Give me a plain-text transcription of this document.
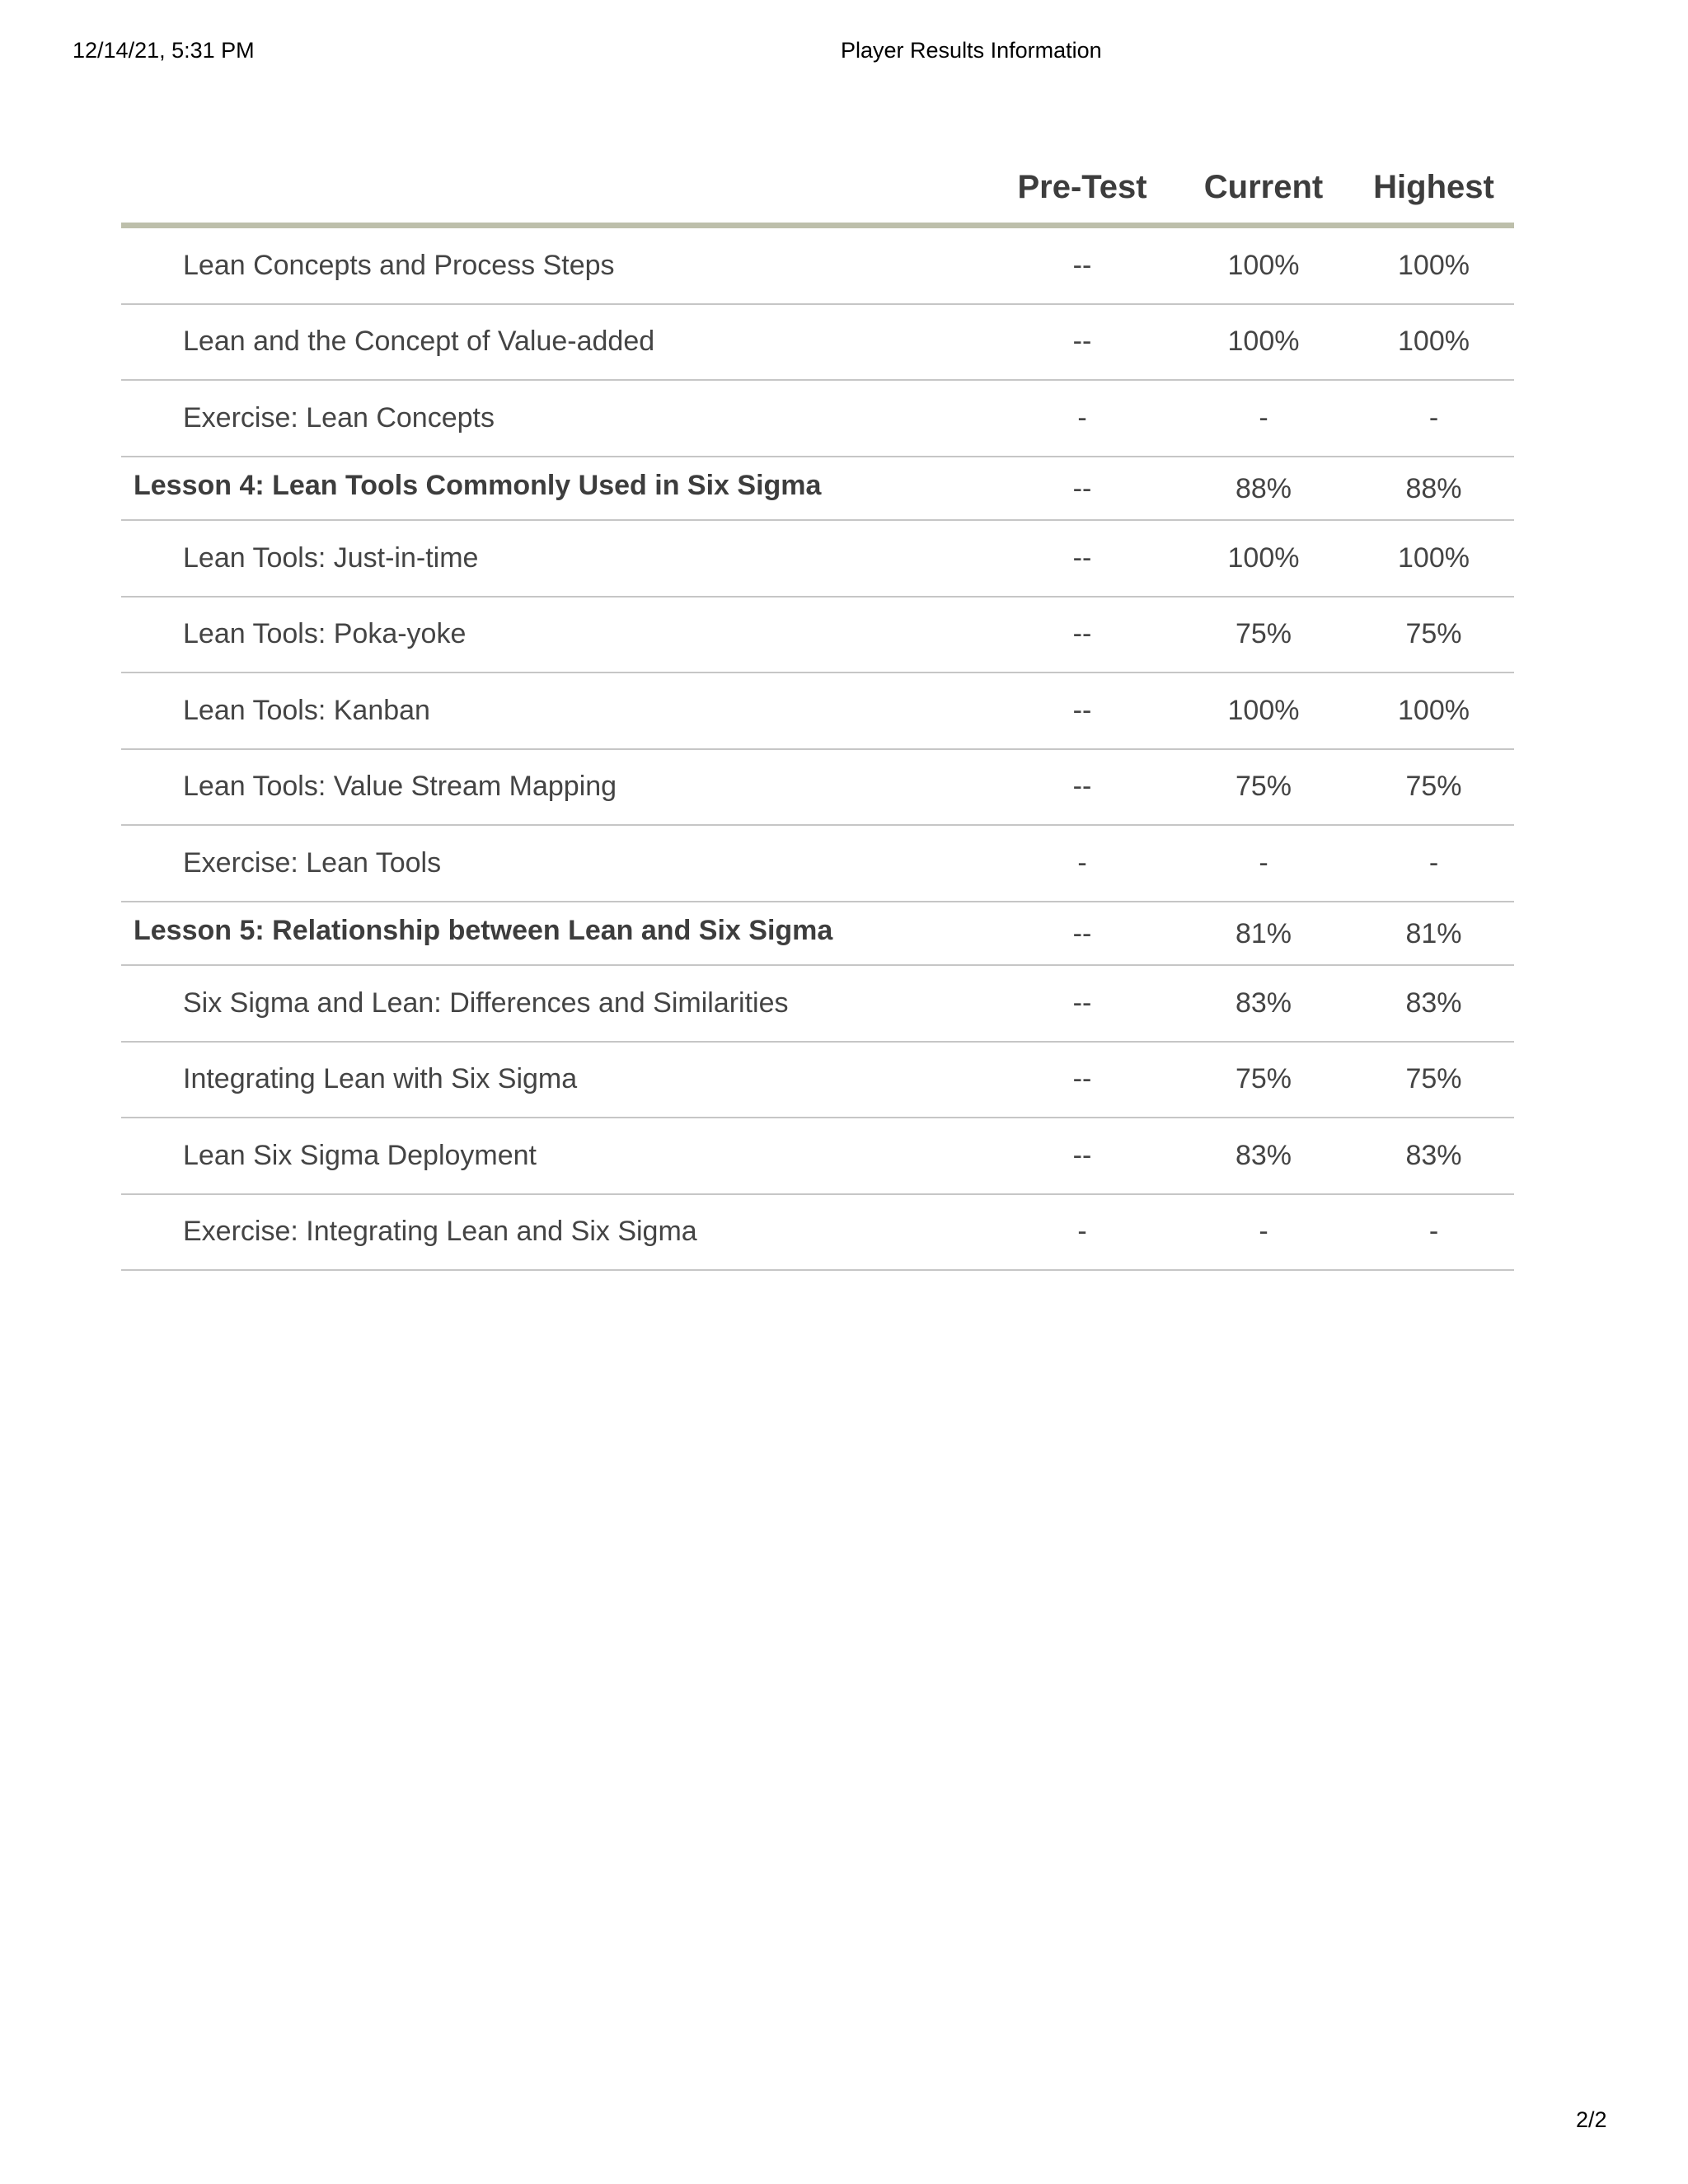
12/14/21, 5:31 PM	Player Results Information
Pre-Test	Current	Highest
Lean Concepts and Process Steps	--	100%	100%
Lean and the Concept of Value-added	--	100%	100%
Exercise: Lean Concepts	-	-	-
Lesson 4: Lean Tools Commonly Used in Six Sigma	--	88%	88%
Lean Tools: Just-in-time	--	100%	100%
Lean Tools: Poka-yoke	--	75%	75%
Lean Tools: Kanban	--	100%	100%
Lean Tools: Value Stream Mapping	--	75%	75%
Exercise: Lean Tools	-	-	-
Lesson 5: Relationship between Lean and Six Sigma	--	81%	81%
Six Sigma and Lean: Differences and Similarities	--	83%	83%
Integrating Lean with Six Sigma	--	75%	75%
Lean Six Sigma Deployment	--	83%	83%
Exercise: Integrating Lean and Six Sigma	-	-	-
2/2
